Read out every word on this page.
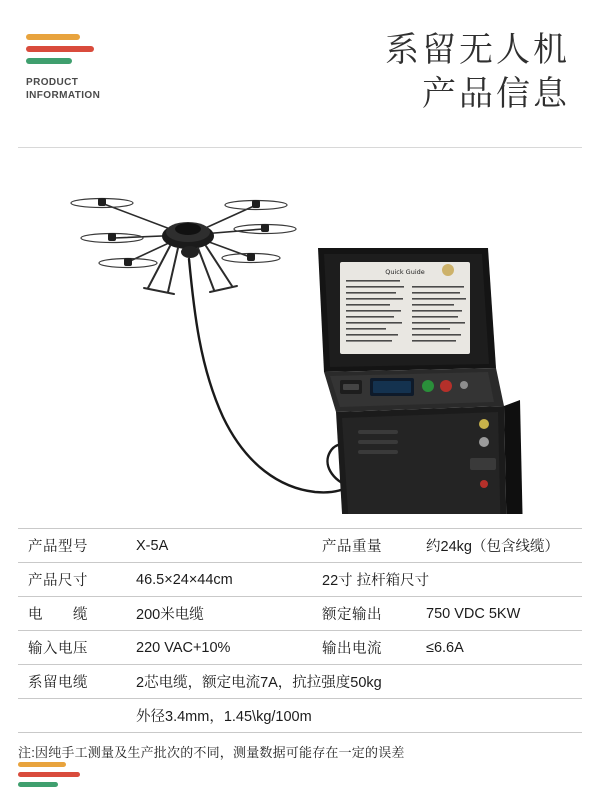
PRODUCT
INFORMATION
系留无人机
产品信息
Quick Guide
产品型号	X-5A	产品重量	约24kg（包含线缆）
产品尺寸	46.5×24×44cm	22寸 拉杆箱尺寸
电　　缆	200米电缆	额定输出	750 VDC 5KW
输入电压	220 VAC+10%	输出电流	≤6.6A
系留电缆	2芯电缆，额定电流7A，抗拉强度50kg
外径3.4mm，1.45\kg/100m
注:因纯手工测量及生产批次的不同，测量数据可能存在一定的误差
